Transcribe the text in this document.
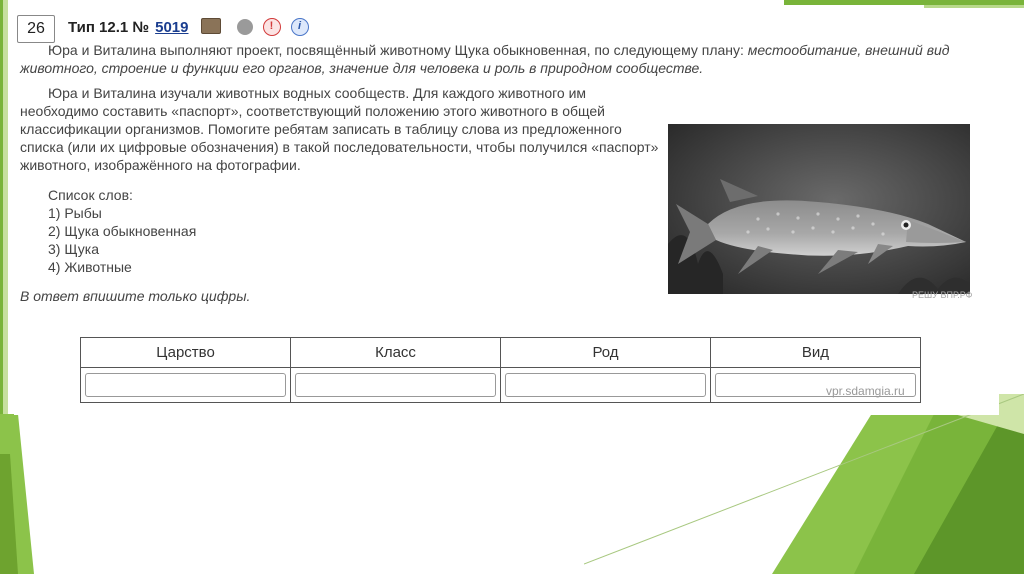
26	Тип 12.1 № 5019	!	i
Юра и Виталина выполняют проект, посвящённый животному Щука обыкновенная, по следующему плану: местообитание, внешний вид животного, строение и функции его органов, значение для человека и роль в природном сообществе.
Юра и Виталина изучали животных водных сообществ. Для каждого животного им необходимо составить «паспорт», соответствующий положению этого животного в общей классификации организмов. Помогите ребятам записать в таблицу слова из предложенного списка (или их цифровые обозначения) в такой последовательности, чтобы получился «паспорт» животного, изображённого на фотографии.
Список слов:
1) Рыбы
2) Щука обыкновенная
3) Щука
4) Животные
В ответ впишите только цифры.	РЕШУ ВПР.РФ
Царство	Класс	Род	Вид

vpr.sdamgia.ru
